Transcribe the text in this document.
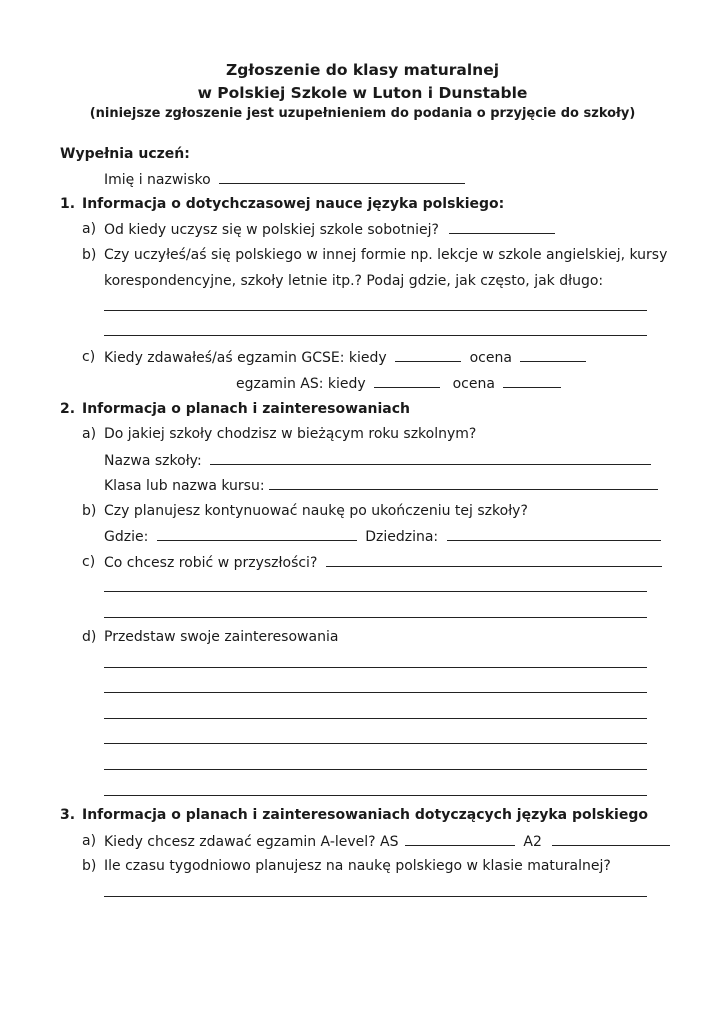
Zgłoszenie do klasy maturalnej
w Polskiej Szkole w Luton i Dunstable
(niniejsze zgłoszenie jest uzupełnieniem do podania o przyjęcie do szkoły)
Wypełnia uczeń:
Imię i nazwisko
1. Informacja o dotychczasowej nauce języka polskiego:
a) Od kiedy uczysz się w polskiej szkole sobotniej?
b) Czy uczyłeś/aś się polskiego w innej formie np. lekcje w szkole angielskiej, kursy
korespondencyjne, szkoły letnie itp.? Podaj gdzie, jak często, jak długo:
c) Kiedy zdawałeś/aś egzamin GCSE: kiedy	ocena
egzamin AS: kiedy	ocena
2. Informacja o planach i zainteresowaniach
a) Do jakiej szkoły chodzisz w bieżącym roku szkolnym?
Nazwa szkoły:
Klasa lub nazwa kursu:
b) Czy planujesz kontynuować naukę po ukończeniu tej szkoły?
Gdzie:	Dziedzina:
c) Co chcesz robić w przyszłości?
d) Przedstaw swoje zainteresowania
3. Informacja o planach i zainteresowaniach dotyczących języka polskiego
a) Kiedy chcesz zdawać egzamin A-level? AS	A2
b) Ile czasu tygodniowo planujesz na naukę polskiego w klasie maturalnej?
